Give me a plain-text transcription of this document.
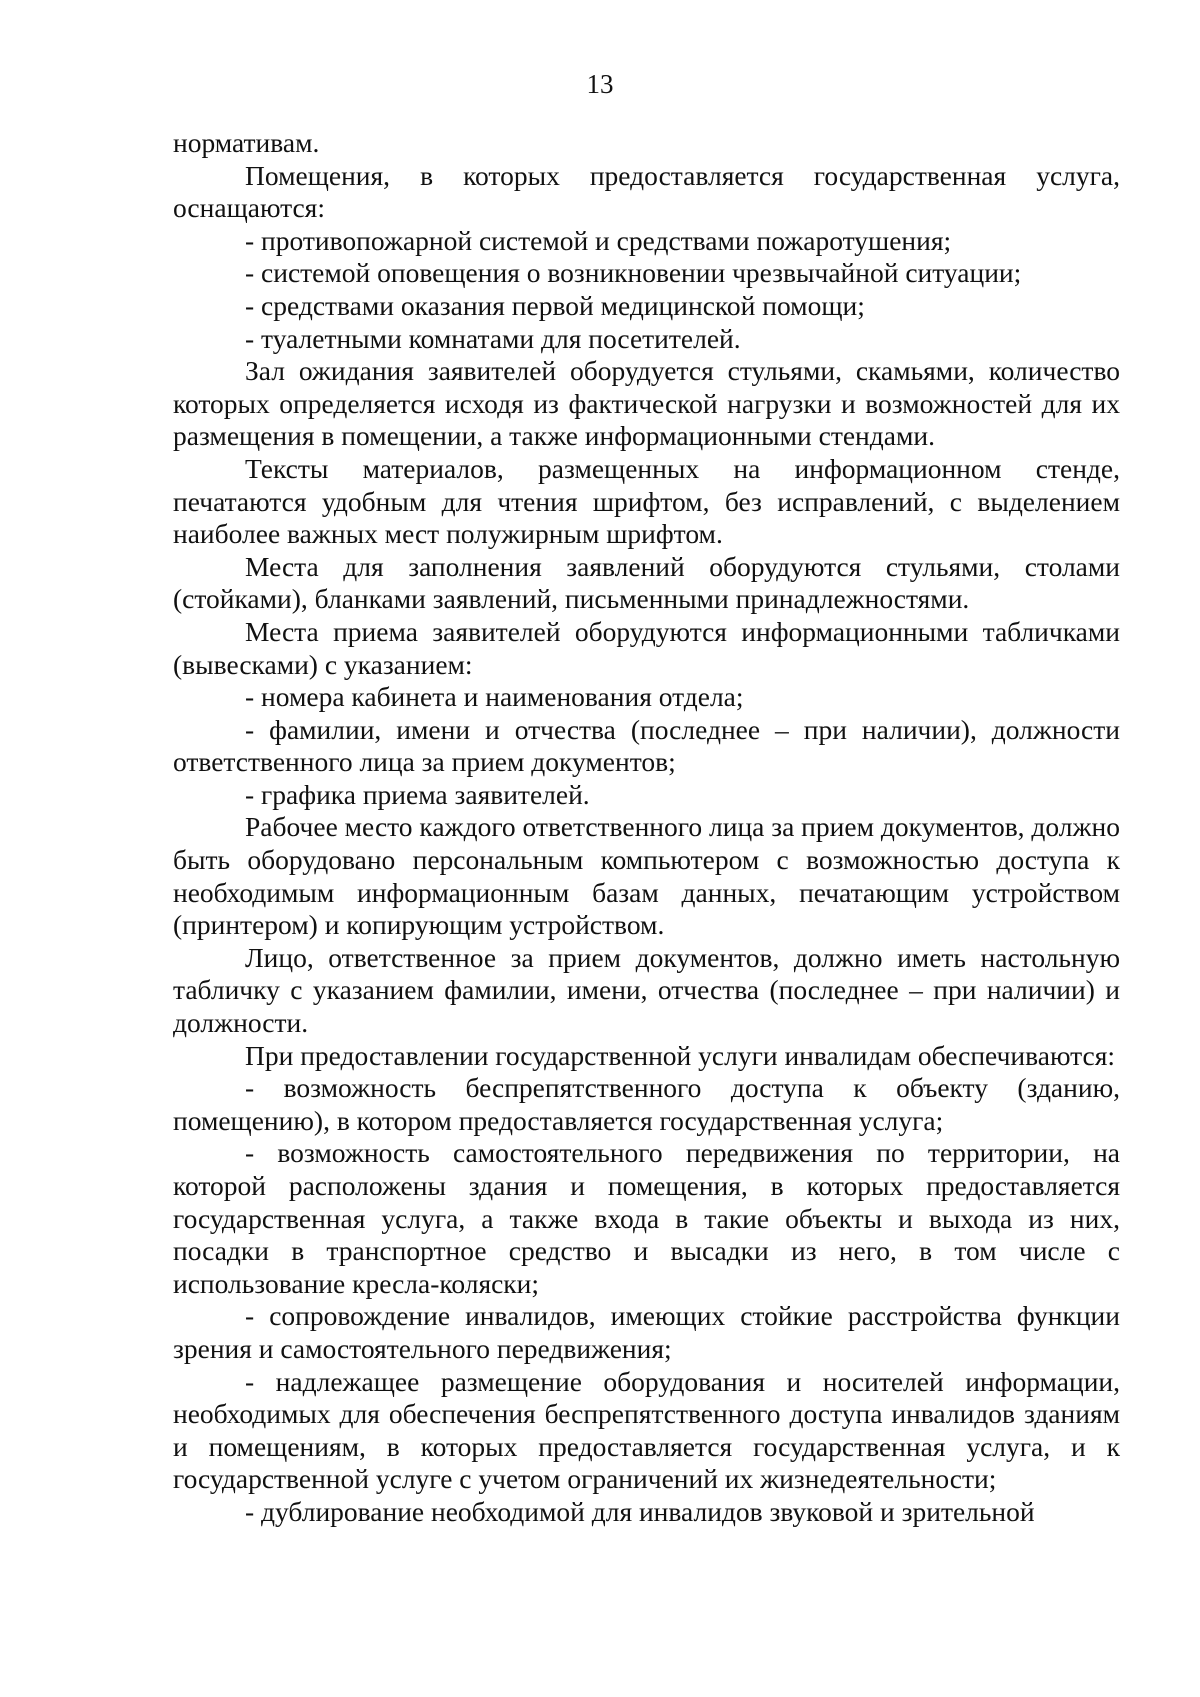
13

нормативам.

Помещения, в которых предоставляется государственная услуга, оснащаются:

- противопожарной системой и средствами пожаротушения;

- системой оповещения о возникновении чрезвычайной ситуации;

- средствами оказания первой медицинской помощи;

- туалетными комнатами для посетителей.

Зал ожидания заявителей оборудуется стульями, скамьями, количество которых определяется исходя из фактической нагрузки и возможностей для их размещения в помещении, а также информационными стендами.

Тексты материалов, размещенных на информационном стенде, печатаются удобным для чтения шрифтом, без исправлений, с выделением наиболее важных мест полужирным шрифтом.

Места для заполнения заявлений оборудуются стульями, столами (стойками), бланками заявлений, письменными принадлежностями.

Места приема заявителей оборудуются информационными табличками (вывесками) с указанием:

- номера кабинета и наименования отдела;

- фамилии, имени и отчества (последнее – при наличии), должности ответственного лица за прием документов;

- графика приема заявителей.

Рабочее место каждого ответственного лица за прием документов, должно быть оборудовано персональным компьютером с возможностью доступа к необходимым информационным базам данных, печатающим устройством (принтером) и копирующим устройством.

Лицо, ответственное за прием документов, должно иметь настольную табличку с указанием фамилии, имени, отчества (последнее – при наличии) и должности.

При предоставлении государственной услуги инвалидам обеспечиваются:

- возможность беспрепятственного доступа к объекту (зданию, помещению), в котором предоставляется государственная услуга;

- возможность самостоятельного передвижения по территории, на которой расположены здания и помещения, в которых предоставляется государственная услуга, а также входа в такие объекты и выхода из них, посадки в транспортное средство и высадки из него, в том числе с использование кресла-коляски;

- сопровождение инвалидов, имеющих стойкие расстройства функции зрения и самостоятельного передвижения;

- надлежащее размещение оборудования и носителей информации, необходимых для обеспечения беспрепятственного доступа инвалидов зданиям и помещениям, в которых предоставляется государственная услуга, и к государственной услуге с учетом ограничений их жизнедеятельности;

- дублирование необходимой для инвалидов звуковой и зрительной
